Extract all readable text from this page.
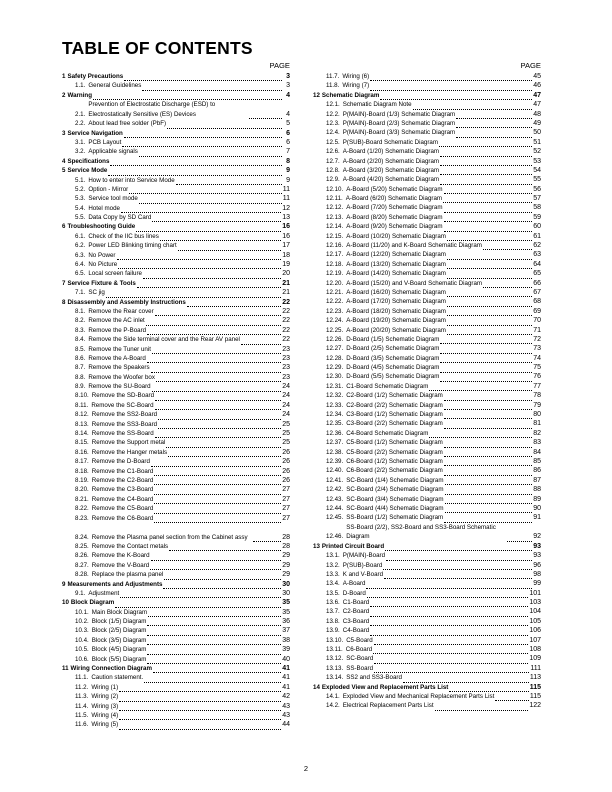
TABLE OF CONTENTS
PAGE
1 Safety Precautions	3
1.1. General Guidelines	3
2 Warning	4
2.1.
Prevention of Electrostatic Discharge (ESD) to Electrostatically Sensitive (ES) Devices	4
2.2. About lead free solder (PbF)	5
3 Service Navigation	6
3.1. PCB Layout	6
3.2. Applicable signals	7
4 Specifications	8
5 Service Mode	9
5.1. How to enter into Service Mode	9
5.2. Option - Mirror	11
5.3. Service tool mode	11
5.4. Hotel mode	12
5.5. Data Copy by SD Card	13
6 Troubleshooting Guide	16
6.1. Check of the IIC bus lines	16
6.2. Power LED Blinking timing chart	17
6.3. No Power	18
6.4. No Picture	19
6.5. Local screen failure	20
7 Service Fixture & Tools	21
7.1. SC jig	21
8 Disassembly and Assembly Instructions	22
8.1. Remove the Rear cover	22
8.2. Remove the AC inlet	22
8.3. Remove the P-Board	22
8.4. Remove the Side terminal cover and the Rear AV panel	22
8.5. Remove the Tuner unit	23
8.6. Remove the A-Board	23
8.7. Remove the Speakers	23
8.8. Remove the Woofer box	23
8.9. Remove the SU-Board	24
8.10. Remove the SD-Board	24
8.11. Remove the SC-Board	24
8.12. Remove the SS2-Board	24
8.13. Remove the SS3-Board	25
8.14. Remove the SS-Board	25
8.15. Remove the Support metal	25
8.16. Remove the Hanger metals	26
8.17. Remove the D-Board	26
8.18. Remove the C1-Board	26
8.19. Remove the C2-Board	26
8.20. Remove the C3-Board	27
8.21. Remove the C4-Board	27
8.22. Remove the C5-Board	27
8.23. Remove the C6-Board	27
8.24. Remove the Plasma panel section from the Cabinet assy	28
8.25. Remove the Contact metals	28
8.26. Remove the K-Board	29
8.27. Remove the V-Board	29
8.28. Replace the plasma panel	29
9 Measurements and Adjustments	30
9.1. Adjustment	30
10 Block Diagram	35
10.1. Main Block Diagram	35
10.2. Block (1/5) Diagram	36
10.3. Block (2/5) Diagram	37
10.4. Block (3/5) Diagram	38
10.5. Block (4/5) Diagram	39
10.6. Block (5/5) Diagram	40
11 Wiring Connection Diagram	41
11.1. Caution statement.	41
11.2. Wiring (1)	41
11.3. Wiring (2)	42
11.4. Wiring (3)	43
11.5. Wiring (4)	43
11.6. Wiring (5)	44
PAGE
11.7. Wiring (6)	45
11.8. Wiring (7)	46
12 Schematic Diagram	47
12.1. Schematic Diagram Note	47
12.2. P(MAIN)-Board (1/3) Schematic Diagram	48
12.3. P(MAIN)-Board (2/3) Schematic Diagram	49
12.4. P(MAIN)-Board (3/3) Schematic Diagram	50
12.5. P(SUB)-Board Schematic Diagram	51
12.6. A-Board (1/20) Schematic Diagram	52
12.7. A-Board (2/20) Schematic Diagram	53
12.8. A-Board (3/20) Schematic Diagram	54
12.9. A-Board (4/20) Schematic Diagram	55
12.10. A-Board (5/20) Schematic Diagram	56
12.11. A-Board (6/20) Schematic Diagram	57
12.12. A-Board (7/20) Schematic Diagram	58
12.13. A-Board (8/20) Schematic Diagram	59
12.14. A-Board (9/20) Schematic Diagram	60
12.15. A-Board (10/20) Schematic Diagram	61
12.16. A-Board (11/20) and K-Board Schematic Diagram	62
12.17. A-Board (12/20) Schematic Diagram	63
12.18. A-Board (13/20) Schematic Diagram	64
12.19. A-Board (14/20) Schematic Diagram	65
12.20. A-Board (15/20) and V-Board Schematic Diagram	66
12.21. A-Board (16/20) Schematic Diagram	67
12.22. A-Board (17/20) Schematic Diagram	68
12.23. A-Board (18/20) Schematic Diagram	69
12.24. A-Board (19/20) Schematic Diagram	70
12.25. A-Board (20/20) Schematic Diagram	71
12.26. D-Board (1/5) Schematic Diagram	72
12.27. D-Board (2/5) Schematic Diagram	73
12.28. D-Board (3/5) Schematic Diagram	74
12.29. D-Board (4/5) Schematic Diagram	75
12.30. D-Board (5/5) Schematic Diagram	76
12.31. C1-Board Schematic Diagram	77
12.32. C2-Board (1/2) Schematic Diagram	78
12.33. C2-Board (2/2) Schematic Diagram	79
12.34. C3-Board (1/2) Schematic Diagram	80
12.35. C3-Board (2/2) Schematic Diagram	81
12.36. C4-Board Schematic Diagram	82
12.37. C5-Board (1/2) Schematic Diagram	83
12.38. C5-Board (2/2) Schematic Diagram	84
12.39. C6-Board (1/2) Schematic Diagram	85
12.40. C6-Board (2/2) Schematic Diagram	86
12.41. SC-Board (1/4) Schematic Diagram	87
12.42. SC-Board (2/4) Schematic Diagram	88
12.43. SC-Board (3/4) Schematic Diagram	89
12.44. SC-Board (4/4) Schematic Diagram	90
12.45. SS-Board (1/2) Schematic Diagram	91
12.46.
SS-Board (2/2), SS2-Board and SS3-Board Schematic Diagram	92
13 Printed Circuit Board	93
13.1. P(MAIN)-Board	93
13.2. P(SUB)-Board	96
13.3. K and V-Board	98
13.4. A-Board	99
13.5. D-Board	101
13.6. C1-Board	103
13.7. C2-Board	104
13.8. C3-Board	105
13.9. C4-Board	106
13.10. C5-Board	107
13.11. C6-Board	108
13.12. SC-Board	109
13.13. SS-Board	111
13.14. SS2 and SS3-Board	113
14 Exploded View and Replacement Parts List	115
14.1. Exploded View and Mechanical Replacement Parts List	115
14.2. Electrical Replacement Parts List	122
2
